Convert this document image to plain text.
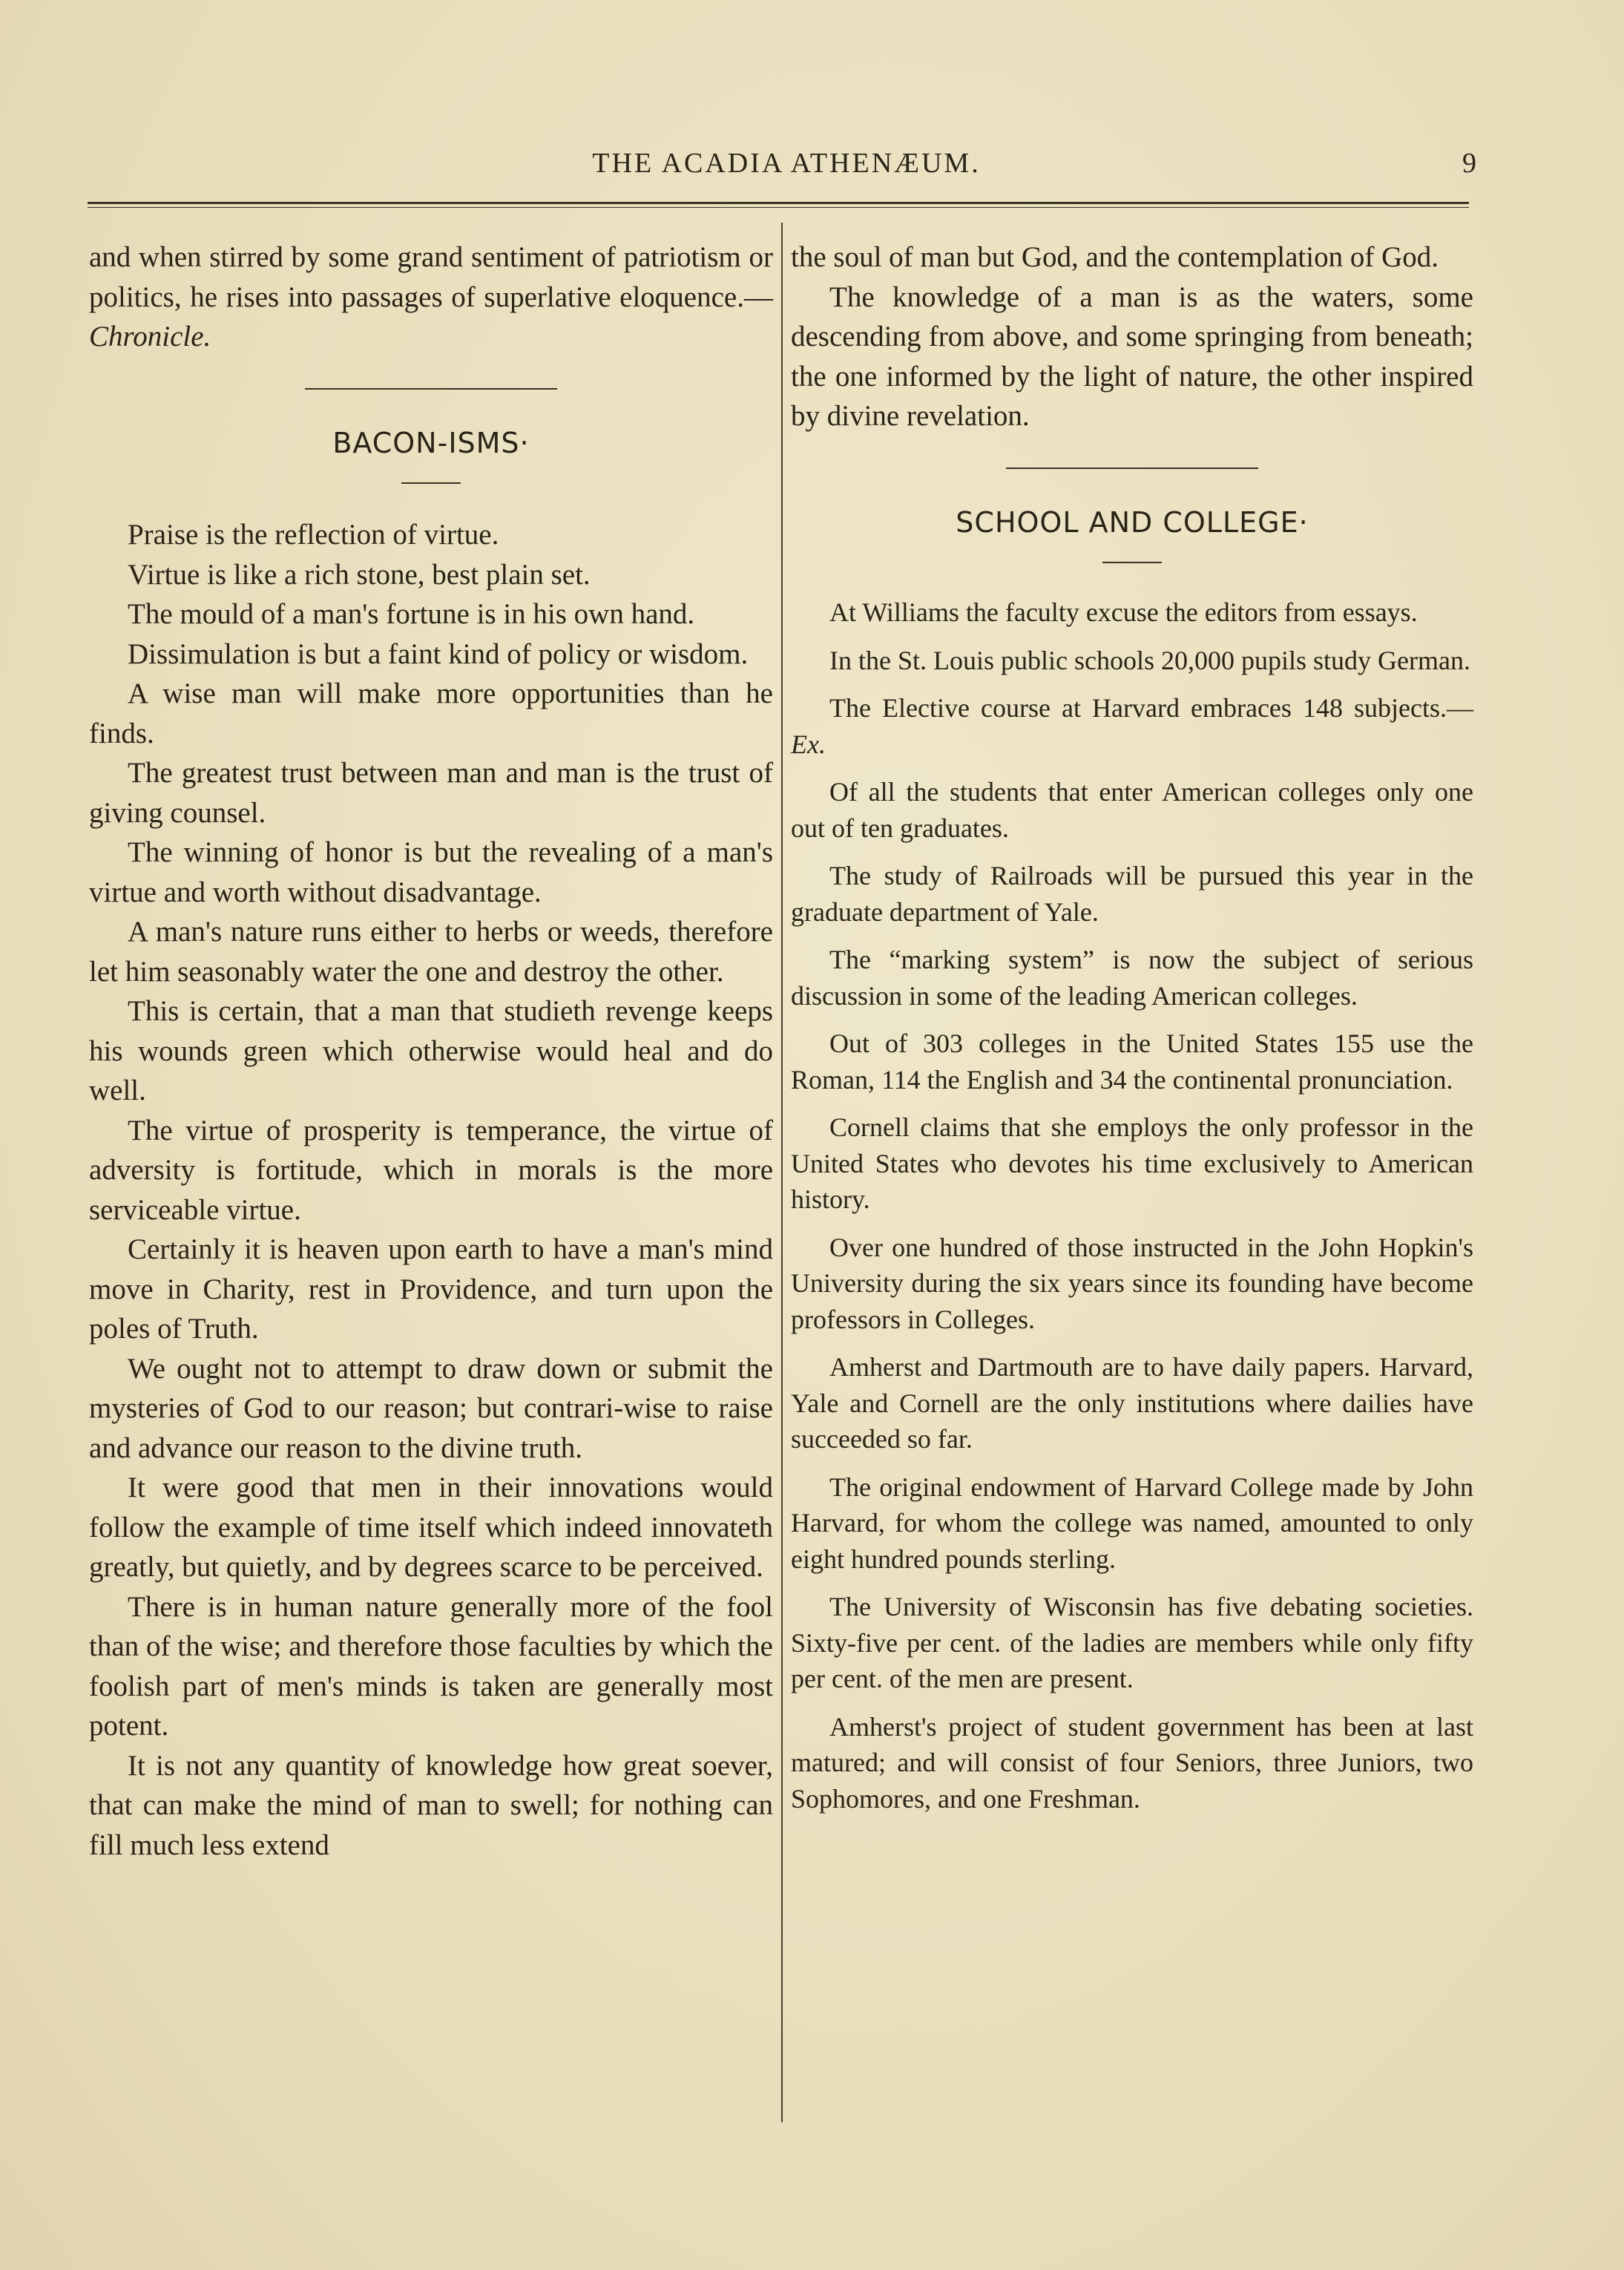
THE ACADIA ATHENÆUM.	9

and when stirred by some grand sentiment of patriotism or politics, he rises into passages of superlative eloquence.—Chronicle.

BACON-ISMS·

Praise is the reflection of virtue.

Virtue is like a rich stone, best plain set.

The mould of a man's fortune is in his own hand.

Dissimulation is but a faint kind of policy or wisdom.

A wise man will make more opportunities than he finds.

The greatest trust between man and man is the trust of giving counsel.

The winning of honor is but the revealing of a man's virtue and worth without disadvantage.

A man's nature runs either to herbs or weeds, therefore let him seasonably water the one and destroy the other.

This is certain, that a man that studieth revenge keeps his wounds green which otherwise would heal and do well.

The virtue of prosperity is temperance, the virtue of adversity is fortitude, which in morals is the more serviceable virtue.

Certainly it is heaven upon earth to have a man's mind move in Charity, rest in Providence, and turn upon the poles of Truth.

We ought not to attempt to draw down or submit the mysteries of God to our reason; but contrari-wise to raise and advance our reason to the divine truth.

It were good that men in their innovations would follow the example of time itself which indeed innovateth greatly, but quietly, and by degrees scarce to be perceived.

There is in human nature generally more of the fool than of the wise; and therefore those faculties by which the foolish part of men's minds is taken are generally most potent.

It is not any quantity of knowledge how great soever, that can make the mind of man to swell; for nothing can fill much less extend

the soul of man but God, and the contemplation of God.

The knowledge of a man is as the waters, some descending from above, and some springing from beneath; the one informed by the light of nature, the other inspired by divine revelation.

SCHOOL AND COLLEGE·

At Williams the faculty excuse the editors from essays.

In the St. Louis public schools 20,000 pupils study German.

The Elective course at Harvard embraces 148 subjects.—Ex.

Of all the students that enter American colleges only one out of ten graduates.

The study of Railroads will be pursued this year in the graduate department of Yale.

The “marking system” is now the subject of serious discussion in some of the leading American colleges.

Out of 303 colleges in the United States 155 use the Roman, 114 the English and 34 the continental pronunciation.

Cornell claims that she employs the only professor in the United States who devotes his time exclusively to American history.

Over one hundred of those instructed in the John Hopkin's University during the six years since its founding have become professors in Colleges.

Amherst and Dartmouth are to have daily papers. Harvard, Yale and Cornell are the only institutions where dailies have succeeded so far.

The original endowment of Harvard College made by John Harvard, for whom the college was named, amounted to only eight hundred pounds sterling.

The University of Wisconsin has five debating societies. Sixty-five per cent. of the ladies are members while only fifty per cent. of the men are present.

Amherst's project of student government has been at last matured; and will consist of four Seniors, three Juniors, two Sophomores, and one Freshman.
